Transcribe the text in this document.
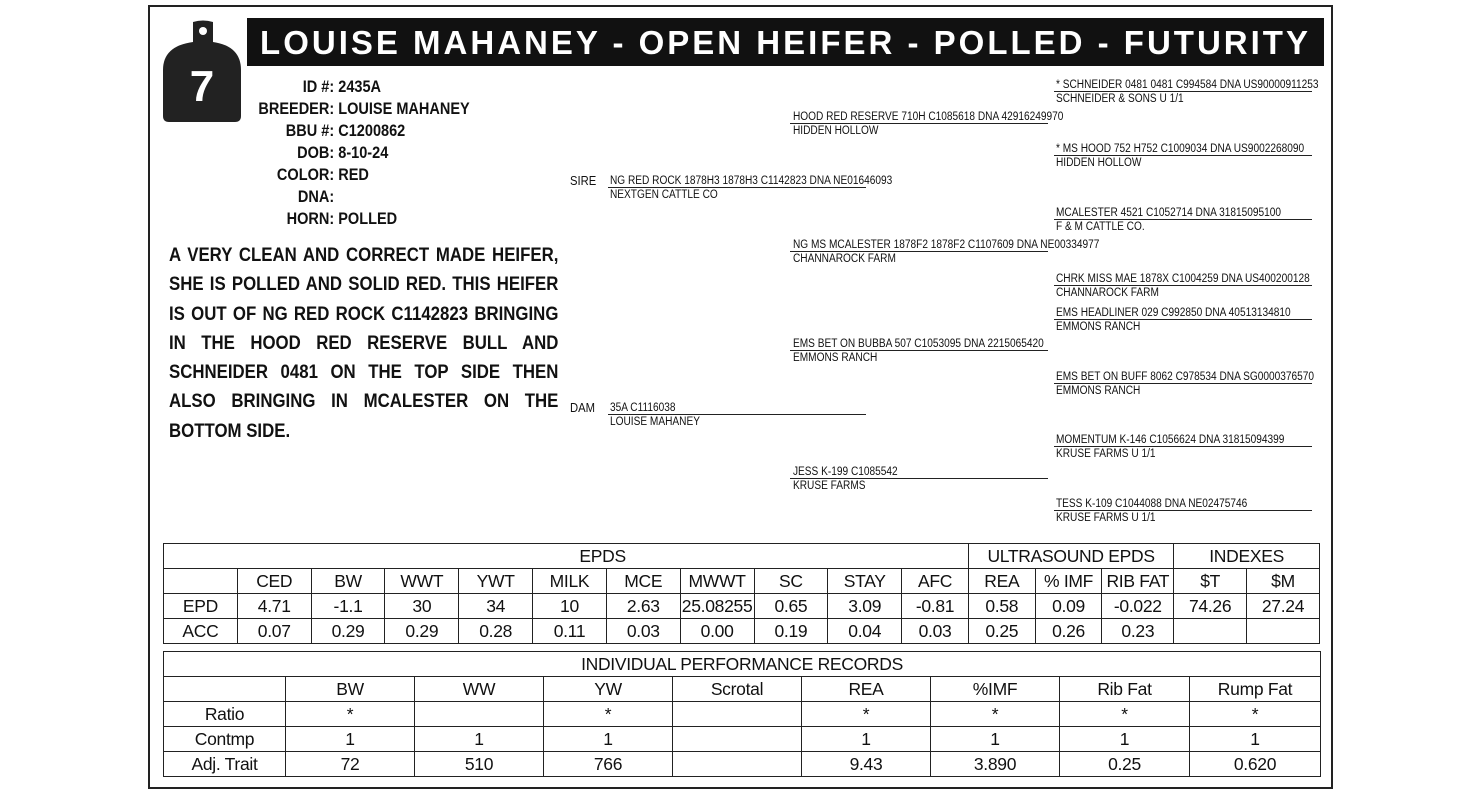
LOUISE MAHANEY - OPEN HEIFER - POLLED - FUTURITY
7	ID #: 2435A
BREEDER: LOUISE MAHANEY
BBU #: C1200862
DOB: 8-10-24
COLOR: RED
DNA:
HORN: POLLED
A VERY CLEAN AND CORRECT MADE HEIFER, SHE IS POLLED AND SOLID RED. THIS HEIFER IS OUT OF NG RED ROCK C1142823 BRINGING IN THE HOOD RED RESERVE BULL AND SCHNEIDER 0481 ON THE TOP SIDE THEN ALSO BRINGING IN MCALESTER ON THE BOTTOM SIDE.
SIRE
DAM
NG RED ROCK 1878H3 1878H3 C1142823 DNA NE01646093
NEXTGEN CATTLE CO
35A C1116038
LOUISE MAHANEY
HOOD RED RESERVE 710H C1085618 DNA 42916249970
HIDDEN HOLLOW
NG MS MCALESTER 1878F2 1878F2 C1107609 DNA NE00334977
CHANNAROCK FARM
EMS BET ON BUBBA 507 C1053095 DNA 2215065420
EMMONS RANCH
JESS K-199 C1085542
KRUSE FARMS
* SCHNEIDER 0481 0481 C994584 DNA US90000911253
SCHNEIDER & SONS U 1/1
* MS HOOD 752 H752 C1009034 DNA US9002268090
HIDDEN HOLLOW
MCALESTER 4521 C1052714 DNA 31815095100
F & M CATTLE CO.
CHRK MISS MAE 1878X C1004259 DNA US400200128
CHANNAROCK FARM
EMS HEADLINER 029 C992850 DNA 40513134810
EMMONS RANCH
EMS BET ON BUFF 8062 C978534 DNA SG0000376570
EMMONS RANCH
MOMENTUM K-146 C1056624 DNA 31815094399
KRUSE FARMS U 1/1
TESS K-109 C1044088 DNA NE02475746
KRUSE FARMS U 1/1
	EPDS										ULTRASOUND EPDS			INDEXES	
	CED	BW	WWT	YWT	MILK	MCE	MWWT	SC	STAY	AFC	REA	% IMF	RIB FAT	$T	$M
EPD	4.71	-1.1	30	34	10	2.63	25.08255	0.65	3.09	-0.81	0.58	0.09	-0.022	74.26	27.24
ACC	0.07	0.29	0.29	0.28	0.11	0.03	0.00	0.19	0.04	0.03	0.25	0.26	0.23		
INDIVIDUAL PERFORMANCE RECORDS								
	BW	WW	YW	Scrotal	REA	%IMF	Rib Fat	Rump Fat
Ratio	*		*		*	*	*	*
Contmp	1	1	1		1	1	1	1
Adj. Trait	72	510	766		9.43	3.890	0.25	0.620
